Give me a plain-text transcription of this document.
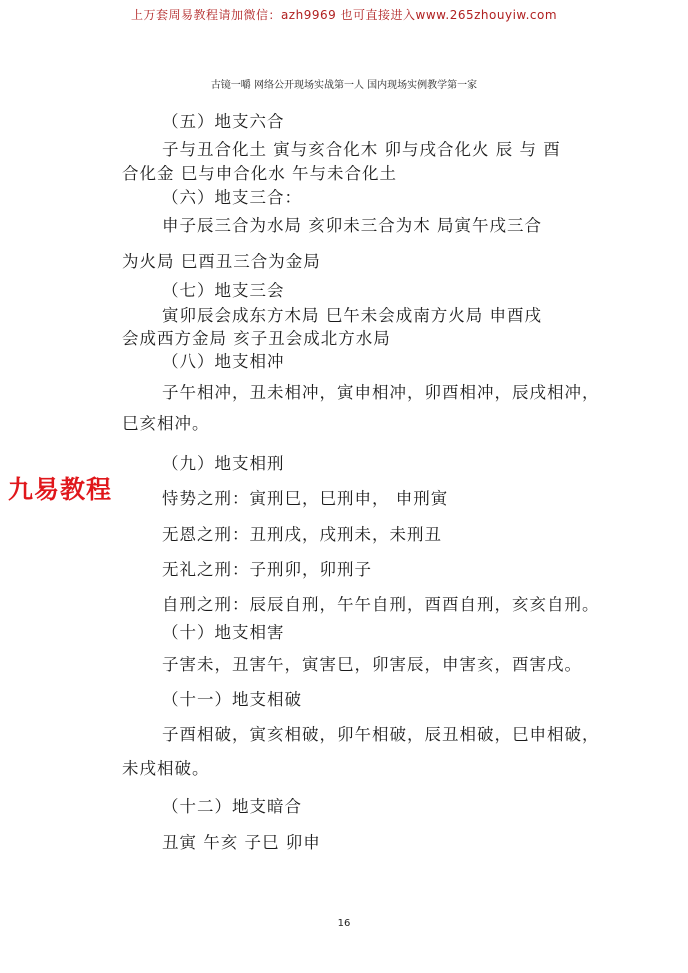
上万套周易教程请加微信：azh9969 也可直接进入www.265zhouyiw.com
古镜一嚼 网络公开现场实战第一人 国内现场实例教学第一家
九易教程
（五）地支六合
子与丑合化土 寅与亥合化木 卯与戌合化火 辰 与 酉
合化金 巳与申合化水 午与未合化土
（六）地支三合：
申子辰三合为水局 亥卯未三合为木 局寅午戌三合
为火局 巳酉丑三合为金局
（七）地支三会
寅卯辰会成东方木局 巳午未会成南方火局 申酉戌
会成西方金局 亥子丑会成北方水局
（八）地支相冲
子午相冲，丑未相冲，寅申相冲，卯酉相冲，辰戌相冲，
巳亥相冲。
（九）地支相刑
恃势之刑：寅刑巳，巳刑申， 申刑寅
无恩之刑：丑刑戌，戌刑未，未刑丑
无礼之刑：子刑卯，卯刑子
自刑之刑：辰辰自刑，午午自刑，酉酉自刑，亥亥自刑。
（十）地支相害
子害未，丑害午，寅害巳，卯害辰，申害亥，酉害戌。
（十一）地支相破
子酉相破，寅亥相破，卯午相破，辰丑相破，巳申相破，
未戌相破。
（十二）地支暗合
丑寅 午亥 子巳 卯申
16
